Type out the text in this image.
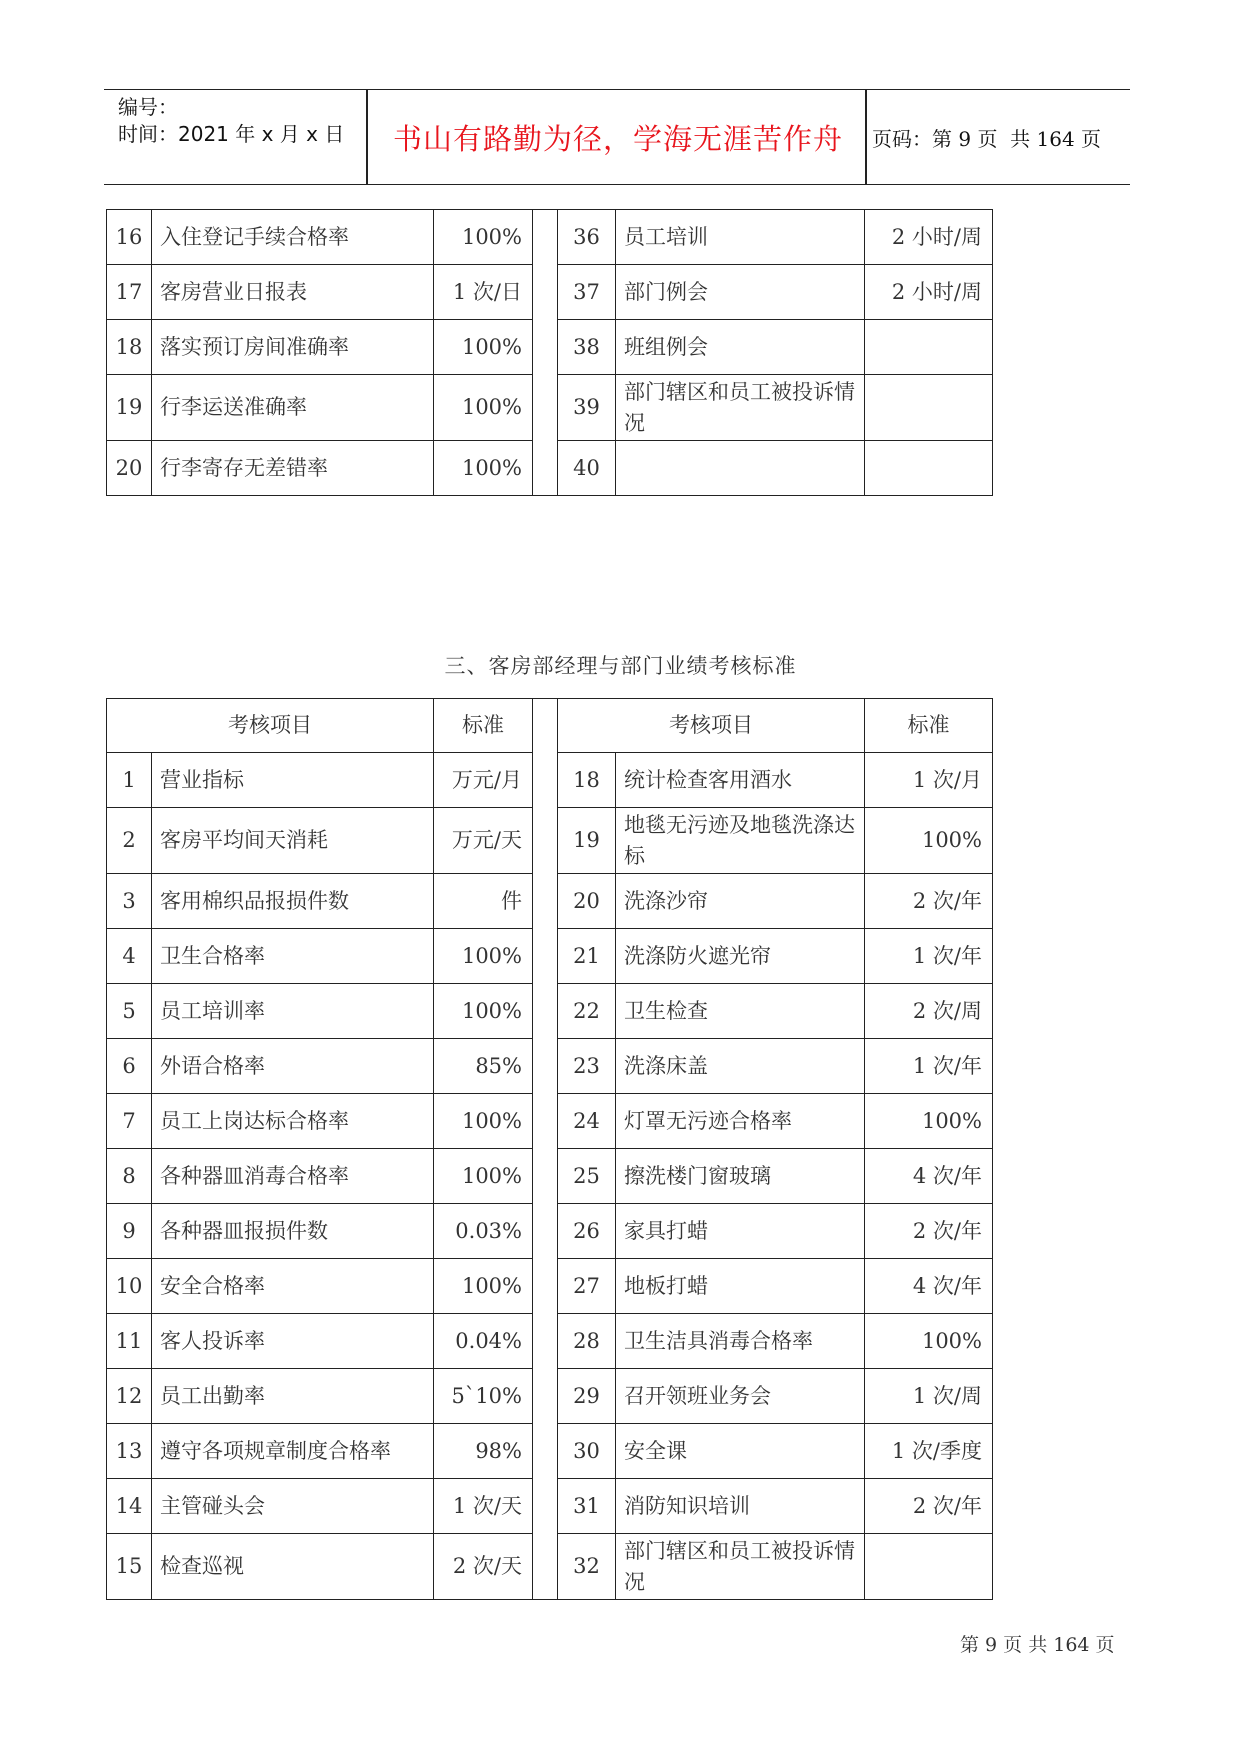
编号：
时间：2021 年 x 月 x 日	书山有路勤为径，学海无涯苦作舟	页码：第 9 页  共 164 页
16	入住登记手续合格率	100%		36	员工培训	2 小时/周
17	客房营业日报表	1 次/日		37	部门例会	2 小时/周
18	落实预订房间准确率	100%		38	班组例会	
19	行李运送准确率	100%		39	部门辖区和员工被投诉情况	
20	行李寄存无差错率	100%		40		
三、客房部经理与部门业绩考核标准
考核项目		标准		考核项目		标准
1	营业指标	万元/月		18	统计检查客用酒水	1 次/月
2	客房平均间天消耗	万元/天		19	地毯无污迹及地毯洗涤达标	100%
3	客用棉织品报损件数	件		20	洗涤沙帘	2 次/年
4	卫生合格率	100%		21	洗涤防火遮光帘	1 次/年
5	员工培训率	100%		22	卫生检查	2 次/周
6	外语合格率	85%		23	洗涤床盖	1 次/年
7	员工上岗达标合格率	100%		24	灯罩无污迹合格率	100%
8	各种器皿消毒合格率	100%		25	擦洗楼门窗玻璃	4 次/年
9	各种器皿报损件数	0.03%		26	家具打蜡	2 次/年
10	安全合格率	100%		27	地板打蜡	4 次/年
11	客人投诉率	0.04%		28	卫生洁具消毒合格率	100%
12	员工出勤率	5`10%		29	召开领班业务会	1 次/周
13	遵守各项规章制度合格率	98%		30	安全课	1 次/季度
14	主管碰头会	1 次/天		31	消防知识培训	2 次/年
15	检查巡视	2 次/天		32	部门辖区和员工被投诉情况	
第 9 页 共 164 页
